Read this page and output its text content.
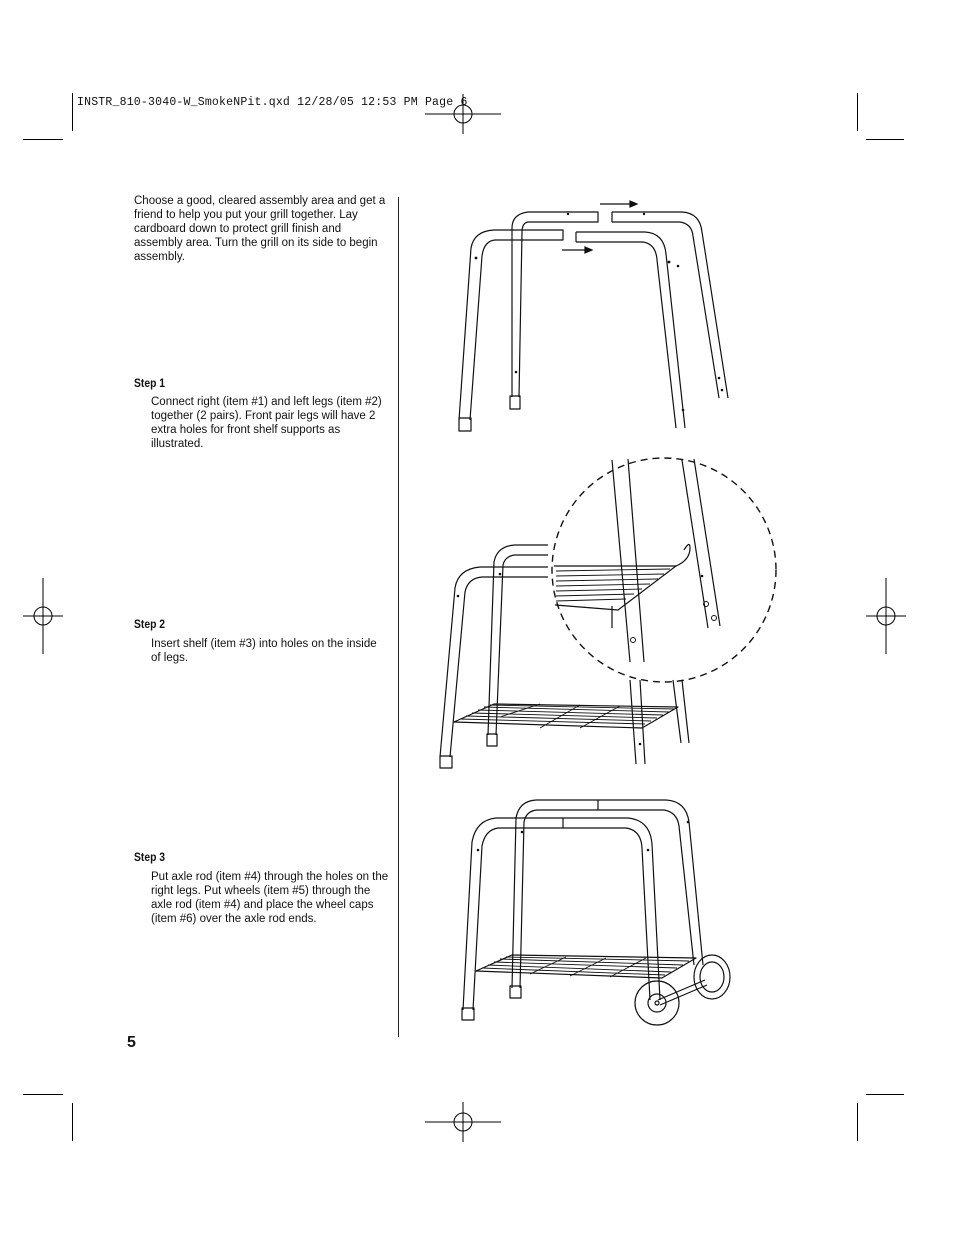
INSTR_810-3040-W_SmokeNPit.qxd 12/28/05 12:53 PM Page 6
Choose a good, cleared assembly area and get a friend to help you put your grill together. Lay cardboard down to protect grill finish and assembly area. Turn the grill on its side to begin assembly.
Step 1
Connect right (item #1) and left legs (item #2) together (2 pairs). Front pair legs will have 2 extra holes for front shelf supports as illustrated.
Step 2
Insert shelf (item #3) into holes on the inside of legs.
Step 3
Put axle rod (item #4) through the holes on the right legs. Put wheels (item #5) through the axle rod (item #4) and place the wheel caps (item #6) over the axle rod ends.
5
